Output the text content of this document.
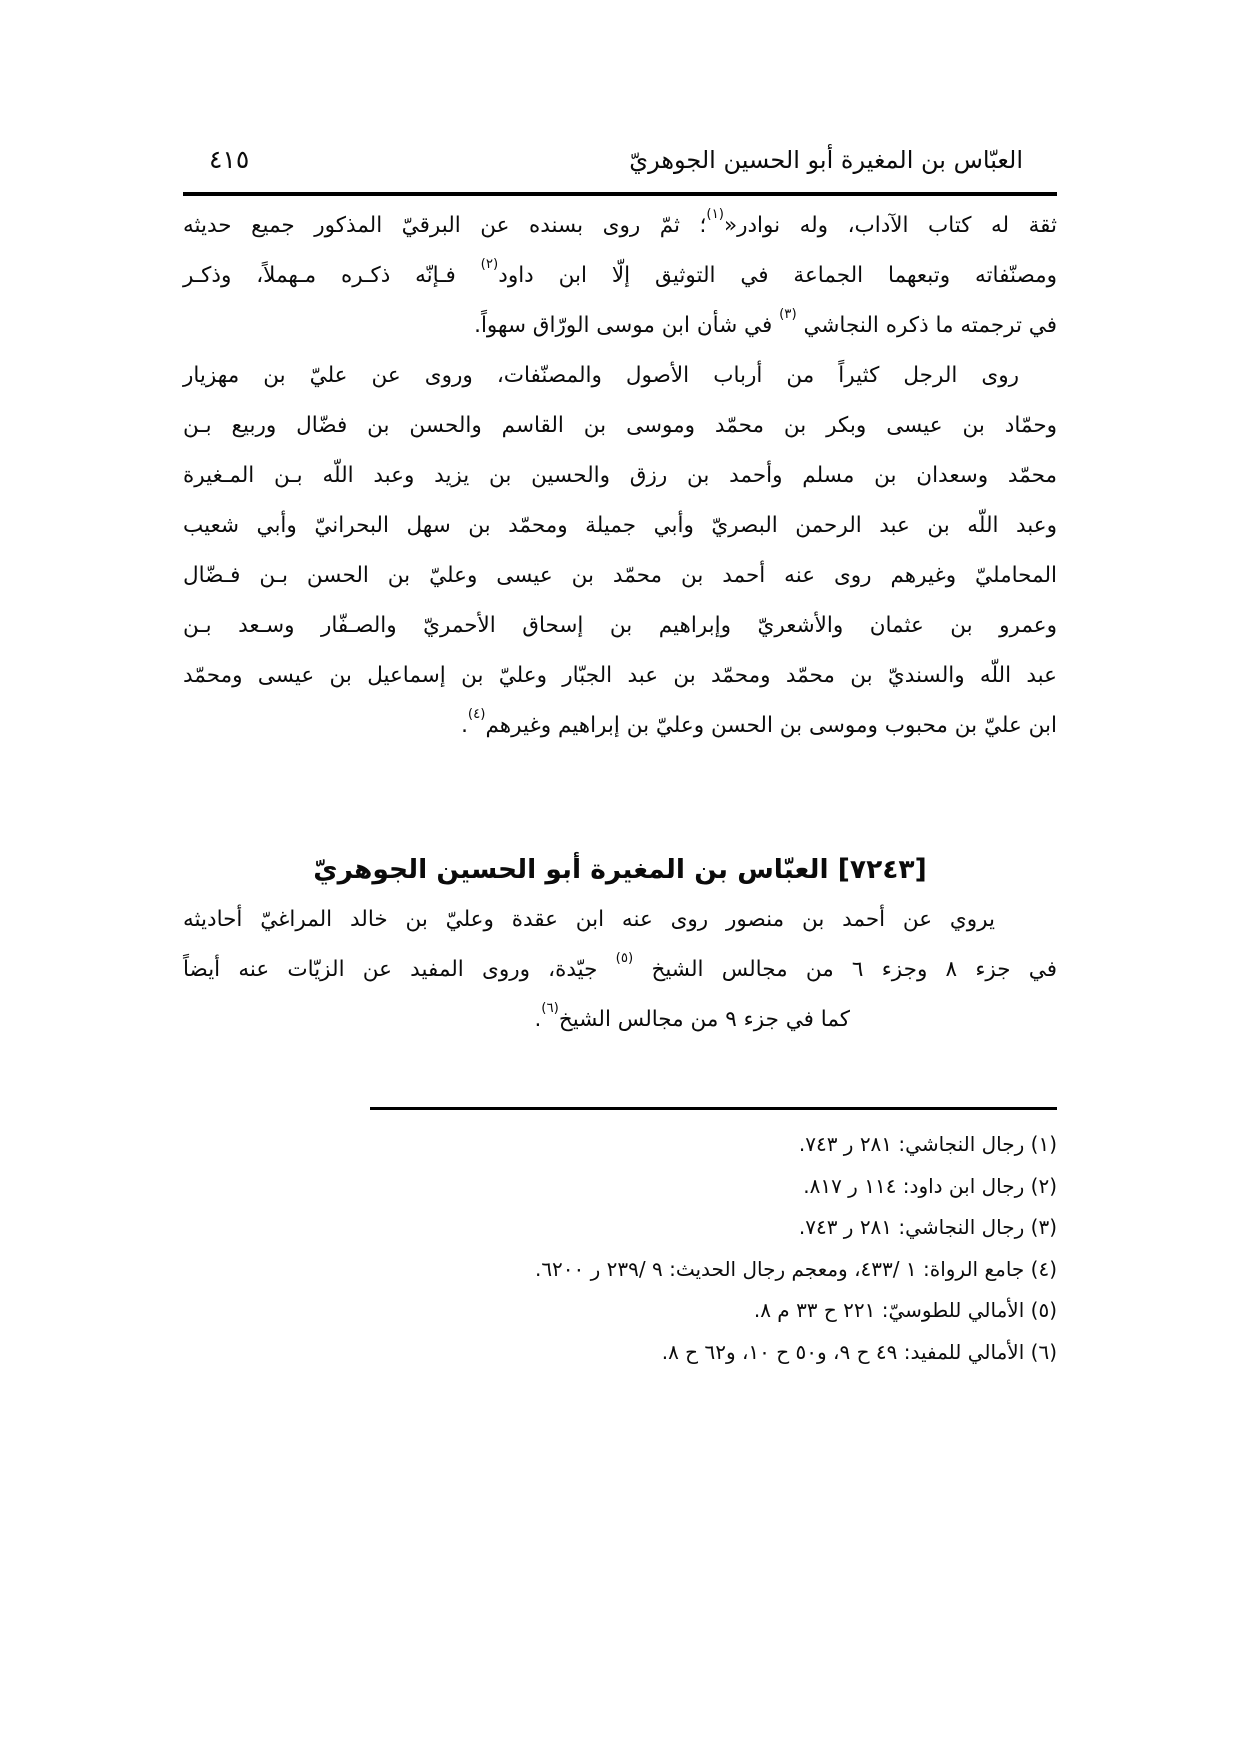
العبّاس بن المغيرة أبو الحسين الجوهريّ
٤١٥
ثقة له كتاب الآداب، وله نوادر«$^{(١)}$؛ ثمّ روى بسنده عن البرقيّ المذكور جميع حديثه
ومصنّفاته وتبعهما الجماعة في التوثيق إلّا ابن داود$^{(٢)}$ فـإنّه ذكـره مـهملاً، وذكـر
في ترجمته ما ذكره النجاشي $^{(٣)}$ في شأن ابن موسى الورّاق سهواً.
روى الرجل كثيراً من أرباب الأصول والمصنّفات، وروى عن عليّ بن مهزيار
وحمّاد بن عيسى وبكر بن محمّد وموسى بن القاسم والحسن بن فضّال وربيع بـن
محمّد وسعدان بن مسلم وأحمد بن رزق والحسين بن يزيد وعبد اللّه بـن المـغيرة
وعبد اللّه بن عبد الرحمن البصريّ وأبي جميلة ومحمّد بن سهل البحرانيّ وأبي شعيب
المحامليّ وغيرهم روى عنه أحمد بن محمّد بن عيسى وعليّ بن الحسن بـن فـضّال
وعمرو بن عثمان والأشعريّ وإبراهيم بن إسحاق الأحمريّ والصـفّار وسـعد بـن
عبد اللّه والسنديّ بن محمّد ومحمّد بن عبد الجبّار وعليّ بن إسماعيل بن عيسى ومحمّد
ابن عليّ بن محبوب وموسى بن الحسن وعليّ بن إبراهيم وغيرهم$^{(٤)}$.
[٧٢٤٣] العبّاس بن المغيرة أبو الحسين الجوهريّ
يروي عن أحمد بن منصور روى عنه ابن عقدة وعليّ بن خالد المراغيّ أحاديثه
في جزء ٨ وجزء ٦ من مجالس الشيخ $^{(٥)}$ جيّدة، وروى المفيد عن الزيّات عنه أيضاً
كما في جزء ٩ من مجالس الشيخ$^{(٦)}$.
(١) رجال النجاشي: ٢٨١ ر ٧٤٣.
(٢) رجال ابن داود: ١١٤ ر ٨١٧.
(٣) رجال النجاشي: ٢٨١ ر ٧٤٣.
(٤) جامع الرواة: ١ /٤٣٣، ومعجم رجال الحديث: ٩ /٢٣٩ ر ٦٢٠٠.
(٥) الأمالي للطوسيّ: ٢٢١ ح ٣٣ م ٨.
(٦) الأمالي للمفيد: ٤٩ ح ٩، و٥٠ ح ١٠، و٦٢ ح ٨.
